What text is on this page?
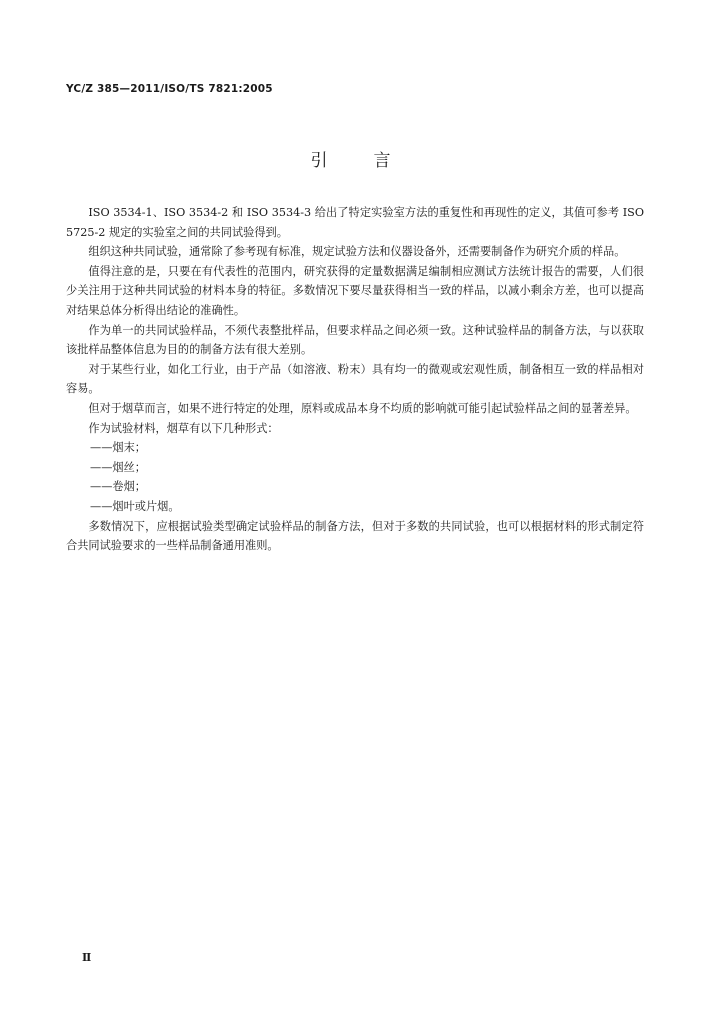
YC/Z 385—2011/ISO/TS 7821:2005
引言

ISO 3534-1、ISO 3534-2 和 ISO 3534-3 给出了特定实验室方法的重复性和再现性的定义，其值可参考 ISO 5725-2 规定的实验室之间的共同试验得到。

组织这种共同试验，通常除了参考现有标准，规定试验方法和仪器设备外，还需要制备作为研究介质的样品。

值得注意的是，只要在有代表性的范围内，研究获得的定量数据满足编制相应测试方法统计报告的需要，人们很少关注用于这种共同试验的材料本身的特征。多数情况下要尽量获得相当一致的样品，以减小剩余方差，也可以提高对结果总体分析得出结论的准确性。

作为单一的共同试验样品，不须代表整批样品，但要求样品之间必须一致。这种试验样品的制备方法，与以获取该批样品整体信息为目的的制备方法有很大差别。

对于某些行业，如化工行业，由于产品（如溶液、粉末）具有均一的微观或宏观性质，制备相互一致的样品相对容易。

但对于烟草而言，如果不进行特定的处理，原料或成品本身不均质的影响就可能引起试验样品之间的显著差异。

作为试验材料，烟草有以下几种形式：

——烟末；

——烟丝；

——卷烟；

——烟叶或片烟。

多数情况下，应根据试验类型确定试验样品的制备方法，但对于多数的共同试验，也可以根据材料的形式制定符合共同试验要求的一些样品制备通用准则。

Ⅱ
